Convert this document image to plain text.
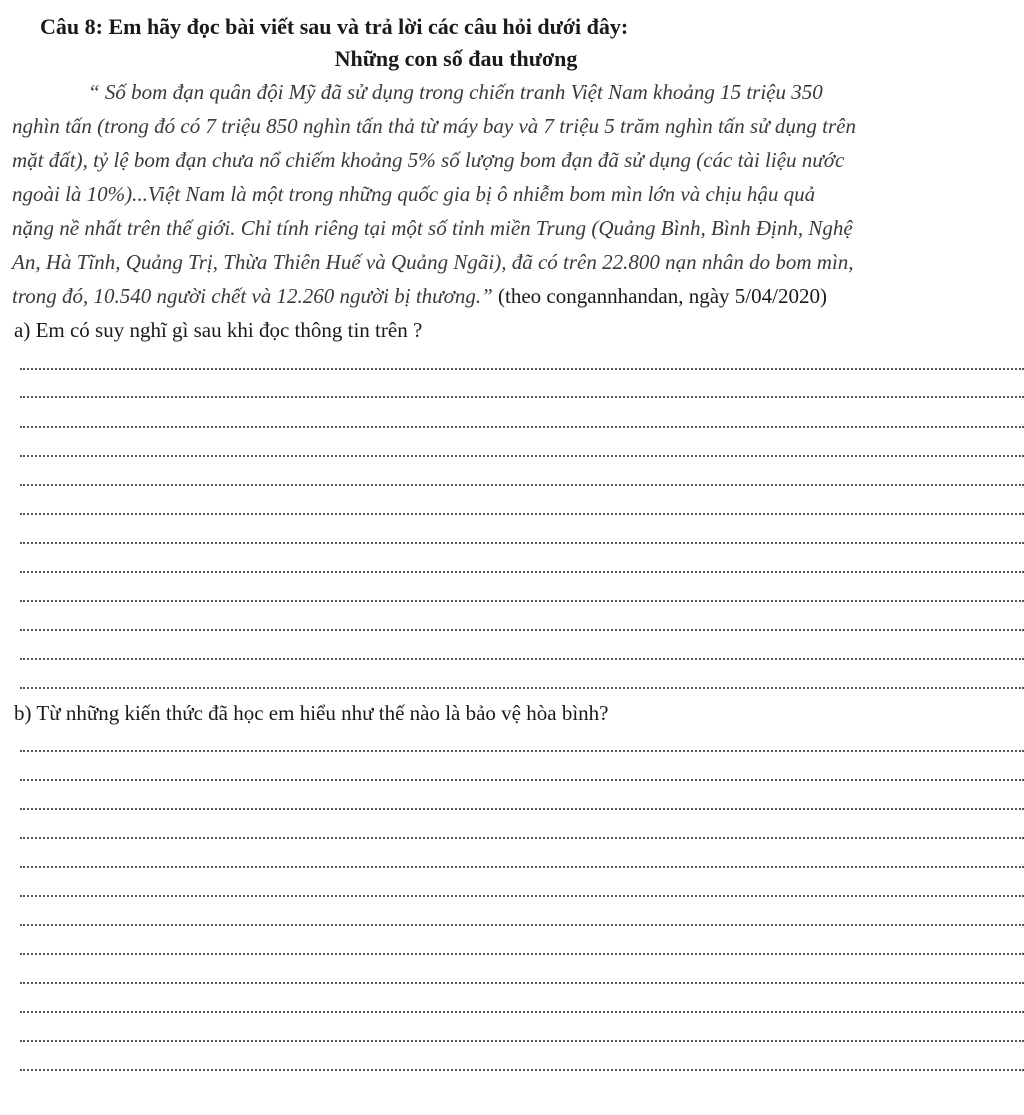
Câu 8: Em hãy đọc bài viết sau và trả lời các câu hỏi dưới đây:
Những con số đau thương
“ Số bom đạn quân đội Mỹ đã sử dụng trong chiến tranh Việt Nam khoảng 15 triệu 350
nghìn tấn (trong đó có 7 triệu 850 nghìn tấn thả từ máy bay và 7 triệu 5 trăm nghìn tấn sử dụng trên
mặt đất), tỷ lệ bom đạn chưa nổ chiếm khoảng 5% số lượng bom đạn đã sử dụng (các tài liệu nước
ngoài là 10%)...Việt Nam là một trong những quốc gia bị ô nhiễm bom mìn lớn và chịu hậu quả
nặng nề nhất trên thế giới. Chỉ tính riêng tại một số tỉnh miền Trung (Quảng Bình, Bình Định, Nghệ
An, Hà Tĩnh, Quảng Trị, Thừa Thiên Huế và Quảng Ngãi), đã có trên 22.800 nạn nhân do bom mìn,
trong đó, 10.540 người chết và 12.260 người bị thương.” (theo congannhandan, ngày 5/04/2020)
a) Em có suy nghĩ gì sau khi đọc thông tin trên ?
b) Từ những kiến thức đã học em hiểu như thế nào là bảo vệ hòa bình?
